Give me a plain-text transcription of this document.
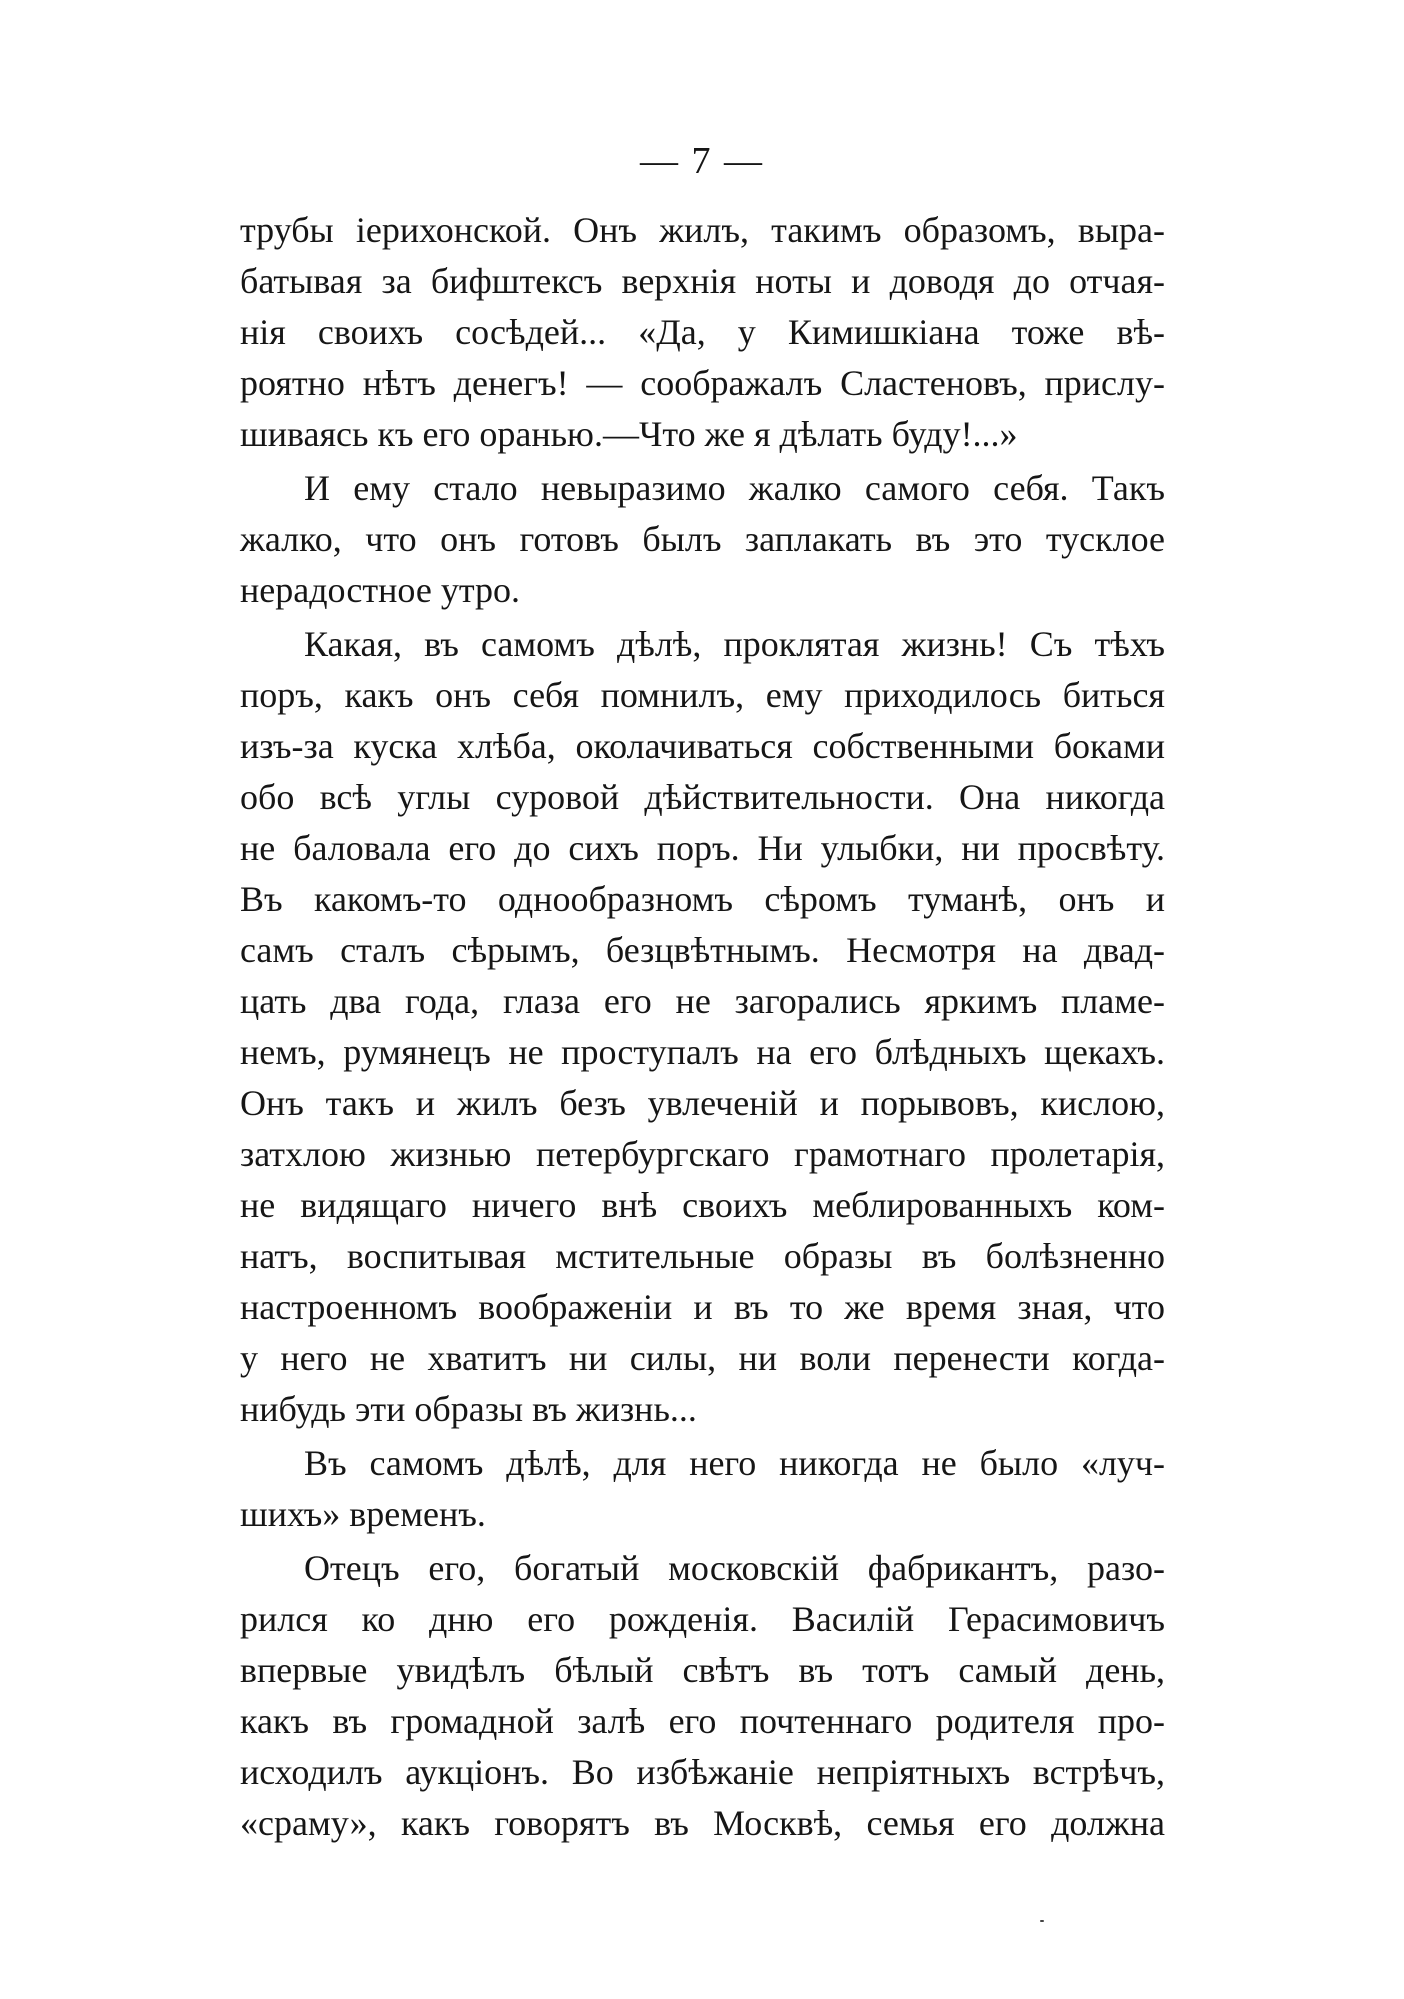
— 7 —
трубы іерихонской. Онъ жилъ, такимъ образомъ, выра-
батывая за бифштексъ верхнія ноты и доводя до отчая-
нія своихъ сосѣдей... «Да, у Кимишкіана тоже вѣ-
роятно нѣтъ денегъ! — соображалъ Сластеновъ, прислу-
шиваясь къ его оранью.—Что же я дѣлать буду!...»
И ему стало невыразимо жалко самого себя. Такъ
жалко, что онъ готовъ былъ заплакать въ это тусклое
нерадостное утро.
Какая, въ самомъ дѣлѣ, проклятая жизнь! Съ тѣхъ
поръ, какъ онъ себя помнилъ, ему приходилось биться
изъ-за куска хлѣба, околачиваться собственными боками
обо всѣ углы суровой дѣйствительности. Она никогда
не баловала его до сихъ поръ. Ни улыбки, ни просвѣту.
Въ какомъ-то однообразномъ сѣромъ туманѣ, онъ и
самъ сталъ сѣрымъ, безцвѣтнымъ. Несмотря на двад-
цать два года, глаза его не загорались яркимъ пламе-
немъ, румянецъ не проступалъ на его блѣдныхъ щекахъ.
Онъ такъ и жилъ безъ увлеченій и порывовъ, кислою,
затхлою жизнью петербургскаго грамотнаго пролетарія,
не видящаго ничего внѣ своихъ меблированныхъ ком-
натъ, воспитывая мстительные образы въ болѣзненно
настроенномъ воображеніи и въ то же время зная, что
у него не хватитъ ни силы, ни воли перенести когда-
нибудь эти образы въ жизнь...
Въ самомъ дѣлѣ, для него никогда не было «луч-
шихъ» временъ.
Отецъ его, богатый московскій фабрикантъ, разо-
рился ко дню его рожденія. Василій Герасимовичъ
впервые увидѣлъ бѣлый свѣтъ въ тотъ самый день,
какъ въ громадной залѣ его почтеннаго родителя про-
исходилъ аукціонъ. Во избѣжаніе непріятныхъ встрѣчъ,
«сраму», какъ говорятъ въ Москвѣ, семья его должна
